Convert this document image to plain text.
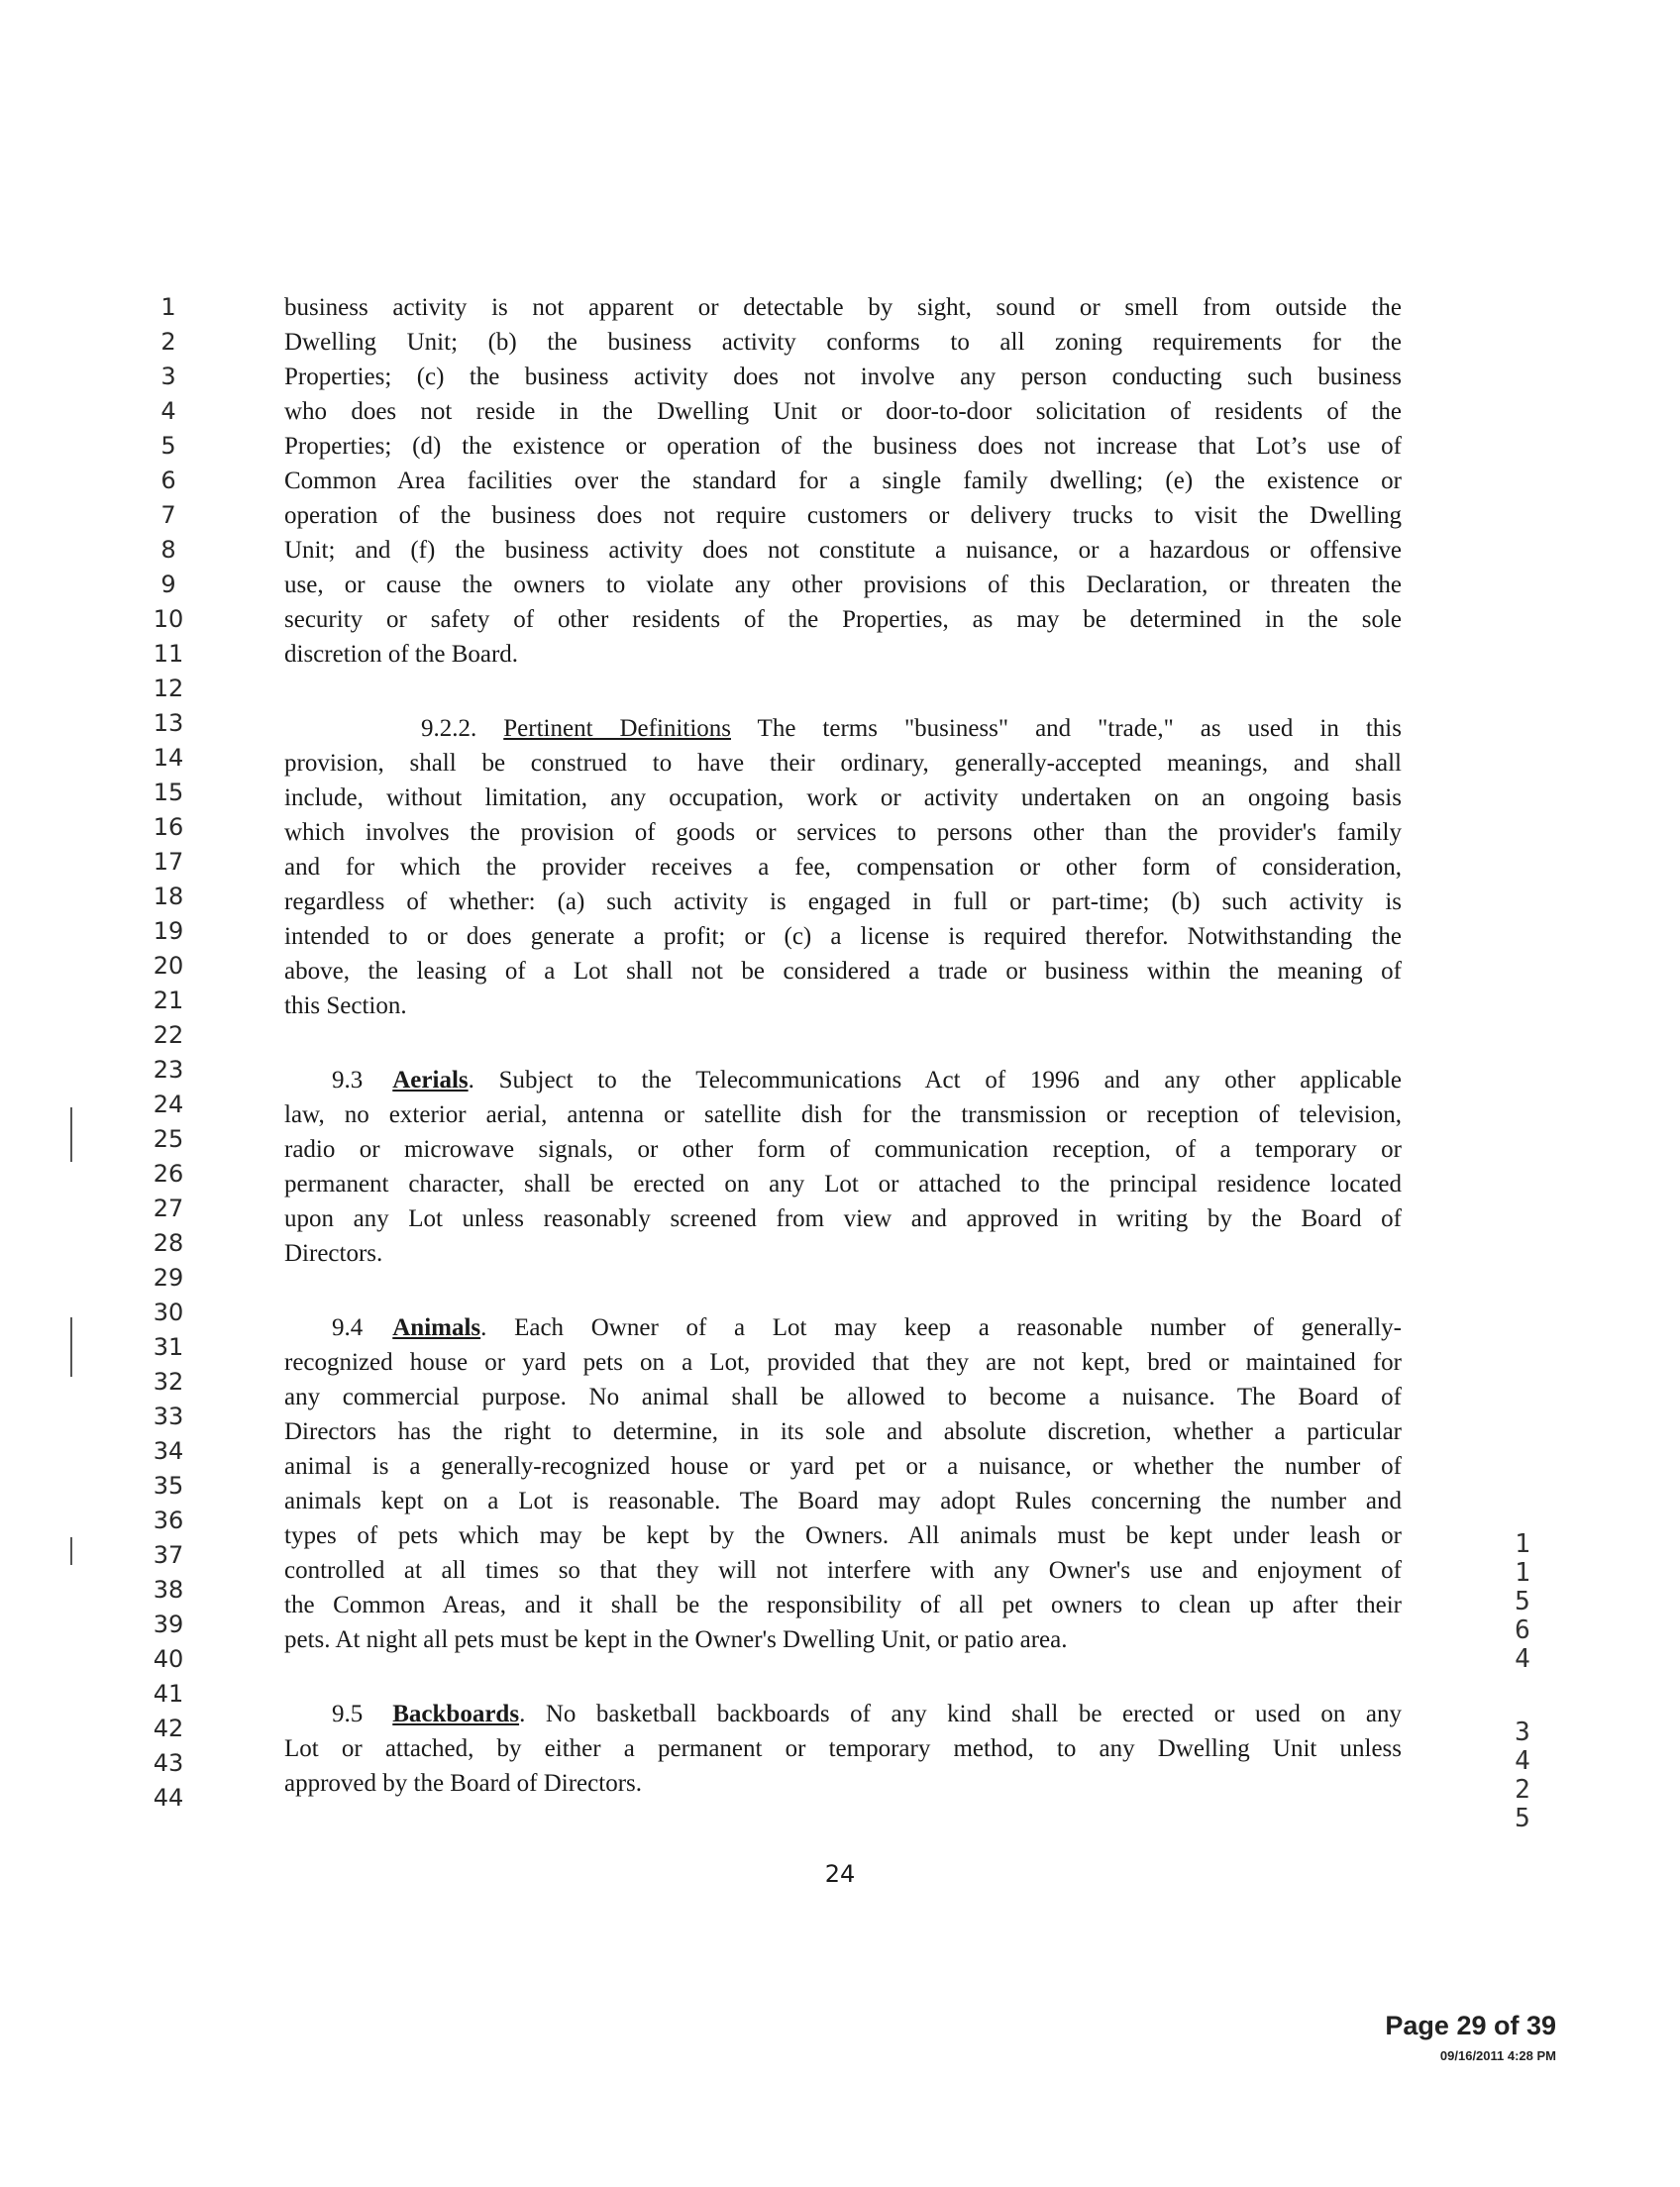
1
2
3
4
5
6
7
8
9
10
11
12
13
14
15
16
17
18
19
20
21
22
23
24
25
26
27
28
29
30
31
32
33
34
35
36
37
38
39
40
41
42
43
44
business activity is not apparent or detectable by sight, sound or smell from outside the
Dwelling Unit; (b) the business activity conforms to all zoning requirements for the
Properties; (c) the business activity does not involve any person conducting such business
who does not reside in the Dwelling Unit or door-to-door solicitation of residents of the
Properties; (d) the existence or operation of the business does not increase that Lot’s use of
Common Area facilities over the standard for a single family dwelling; (e) the existence or
operation of the business does not require customers or delivery trucks to visit the Dwelling
Unit; and (f) the business activity does not constitute a nuisance, or a hazardous or offensive
use, or cause the owners to violate any other provisions of this Declaration, or threaten the
security or safety of other residents of the Properties, as may be determined in the sole
discretion of the Board.
9.2.2. Pertinent Definitions The terms "business" and "trade," as used in this
provision, shall be construed to have their ordinary, generally-accepted meanings, and shall
include, without limitation, any occupation, work or activity undertaken on an ongoing basis
which involves the provision of goods or services to persons other than the provider's family
and for which the provider receives a fee, compensation or other form of consideration,
regardless of whether: (a) such activity is engaged in full or part-time; (b) such activity is
intended to or does generate a profit; or (c) a license is required therefor. Notwithstanding the
above, the leasing of a Lot shall not be considered a trade or business within the meaning of
this Section.
9.3 Aerials. Subject to the Telecommunications Act of 1996 and any other applicable
law, no exterior aerial, antenna or satellite dish for the transmission or reception of television,
radio or microwave signals, or other form of communication reception, of a temporary or
permanent character, shall be erected on any Lot or attached to the principal residence located
upon any Lot unless reasonably screened from view and approved in writing by the Board of
Directors.
9.4 Animals. Each Owner of a Lot may keep a reasonable number of generally-
recognized house or yard pets on a Lot, provided that they are not kept, bred or maintained for
any commercial purpose. No animal shall be allowed to become a nuisance. The Board of
Directors has the right to determine, in its sole and absolute discretion, whether a particular
animal is a generally-recognized house or yard pet or a nuisance, or whether the number of
animals kept on a Lot is reasonable. The Board may adopt Rules concerning the number and
types of pets which may be kept by the Owners. All animals must be kept under leash or
controlled at all times so that they will not interfere with any Owner's use and enjoyment of
the Common Areas, and it shall be the responsibility of all pet owners to clean up after their
pets. At night all pets must be kept in the Owner's Dwelling Unit, or patio area.
9.5 Backboards. No basketball backboards of any kind shall be erected or used on any
Lot or attached, by either a permanent or temporary method, to any Dwelling Unit unless
approved by the Board of Directors.
24
1
1
5
6
4
3
4
2
5
Page 29 of 39
09/16/2011 4:28 PM
